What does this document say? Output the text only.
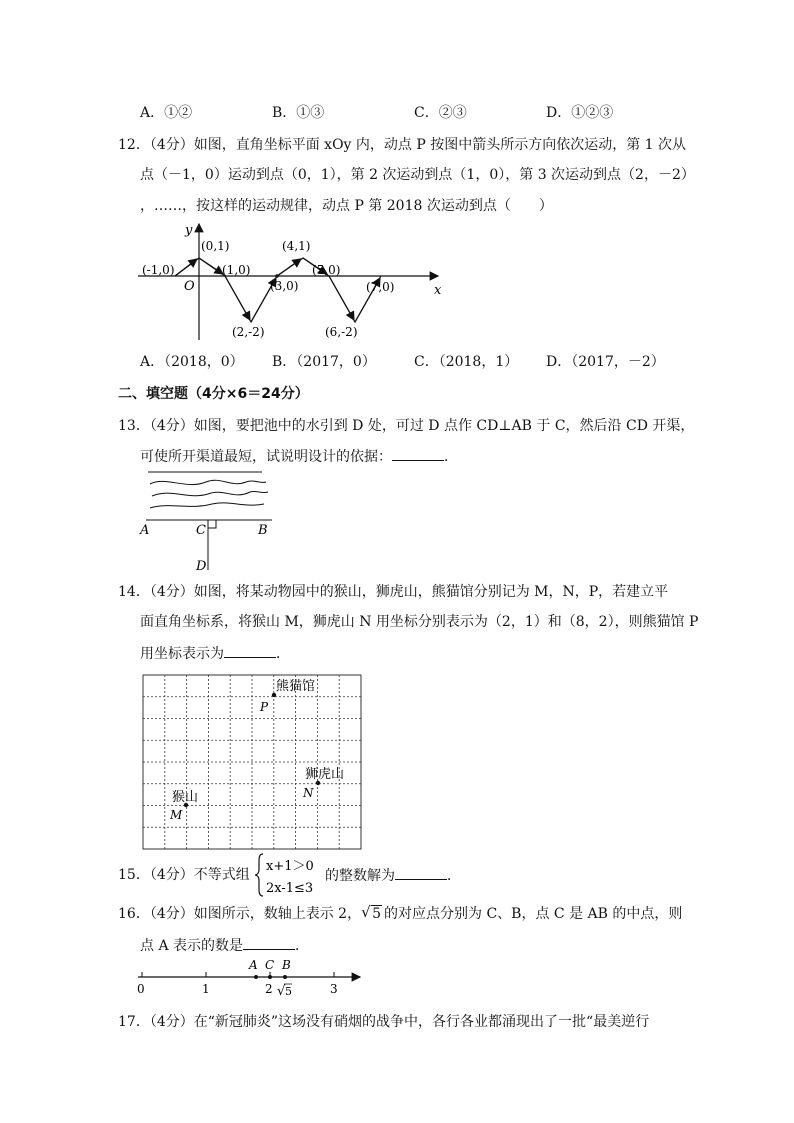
A．①②	B．①③	C．②③	D．①②③
12．（4分）如图，直角坐标平面 xOy 内，动点 P 按图中箭头所示方向依次运动，第 1 次从
点（－1，0）运动到点（0，1），第 2 次运动到点（1，0），第 3 次运动到点（2，－2）
，……，按这样的运动规律，动点 P 第 2018 次运动到点（　　）
y
x
O
(-1,0)
(0,1)
(1,0)
(2,-2)
(3,0)
(4,1)
(5,0)
(6,-2)
(7,0)
A．（2018，0） B．（2017，0）	C．（2018，1） D．（2017，－2）
二、填空题（4分×6＝24分）
13．（4分）如图，要把池中的水引到 D 处，可过 D 点作 CD⊥AB 于 C，然后沿 CD 开渠，
可使所开渠道最短，试说明设计的依据：	．
A	C	B
D
14．（4分）如图，将某动物园中的猴山，狮虎山，熊猫馆分别记为 M，N，P，若建立平
面直角坐标系，将猴山 M，狮虎山 N 用坐标分别表示为（2，1）和（8，2），则熊猫馆 P
用坐标表示为	．
熊猫馆
P
狮虎山
N
猴山
M
15．（4分）不等式组
x+1＞0
2x-1≤3
的整数解为	．
16．（4分）如图所示，数轴上表示 2， √ 5 的对应点分别为 C、B，点 C 是 AB 的中点，则
点 A 表示的数是	．
A C B
0	1	2	3
√ 5
17．（4分）在“新冠肺炎”这场没有硝烟的战争中，各行各业都涌现出了一批“最美逆行
